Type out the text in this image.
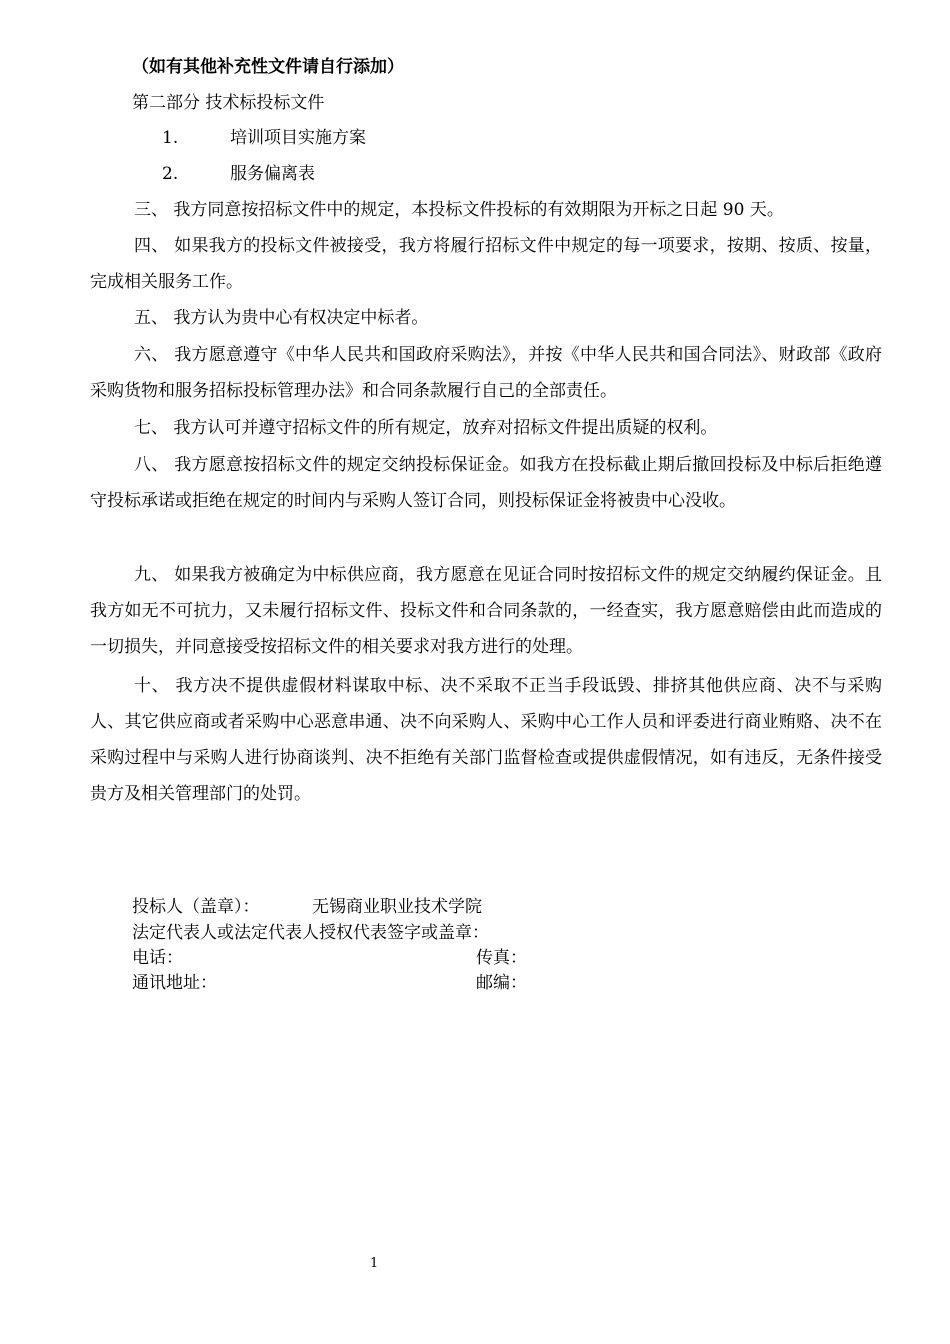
（如有其他补充性文件请自行添加）
第二部分 技术标投标文件
1.	培训项目实施方案
2.	服务偏离表
三、 我方同意按招标文件中的规定，本投标文件投标的有效期限为开标之日起 90 天。
四、 如果我方的投标文件被接受，我方将履行招标文件中规定的每一项要求，按期、按质、按量，完成相关服务工作。
五、 我方认为贵中心有权决定中标者。
六、 我方愿意遵守《中华人民共和国政府采购法》，并按《中华人民共和国合同法》、财政部《政府采购货物和服务招标投标管理办法》和合同条款履行自己的全部责任。
七、 我方认可并遵守招标文件的所有规定，放弃对招标文件提出质疑的权利。
八、 我方愿意按招标文件的规定交纳投标保证金。如我方在投标截止期后撤回投标及中标后拒绝遵守投标承诺或拒绝在规定的时间内与采购人签订合同，则投标保证金将被贵中心没收。
九、 如果我方被确定为中标供应商，我方愿意在见证合同时按招标文件的规定交纳履约保证金。且我方如无不可抗力，又未履行招标文件、投标文件和合同条款的，一经查实，我方愿意赔偿由此而造成的一切损失，并同意接受按招标文件的相关要求对我方进行的处理。
十、 我方决不提供虚假材料谋取中标、决不采取不正当手段诋毁、排挤其他供应商、决不与采购人、其它供应商或者采购中心恶意串通、决不向采购人、采购中心工作人员和评委进行商业贿赂、决不在采购过程中与采购人进行协商谈判、决不拒绝有关部门监督检查或提供虚假情况，如有违反，无条件接受贵方及相关管理部门的处罚。
投标人（盖章）：	无锡商业职业技术学院
法定代表人或法定代表人授权代表签字或盖章：
电话：	传真：
通讯地址：	邮编：
1
